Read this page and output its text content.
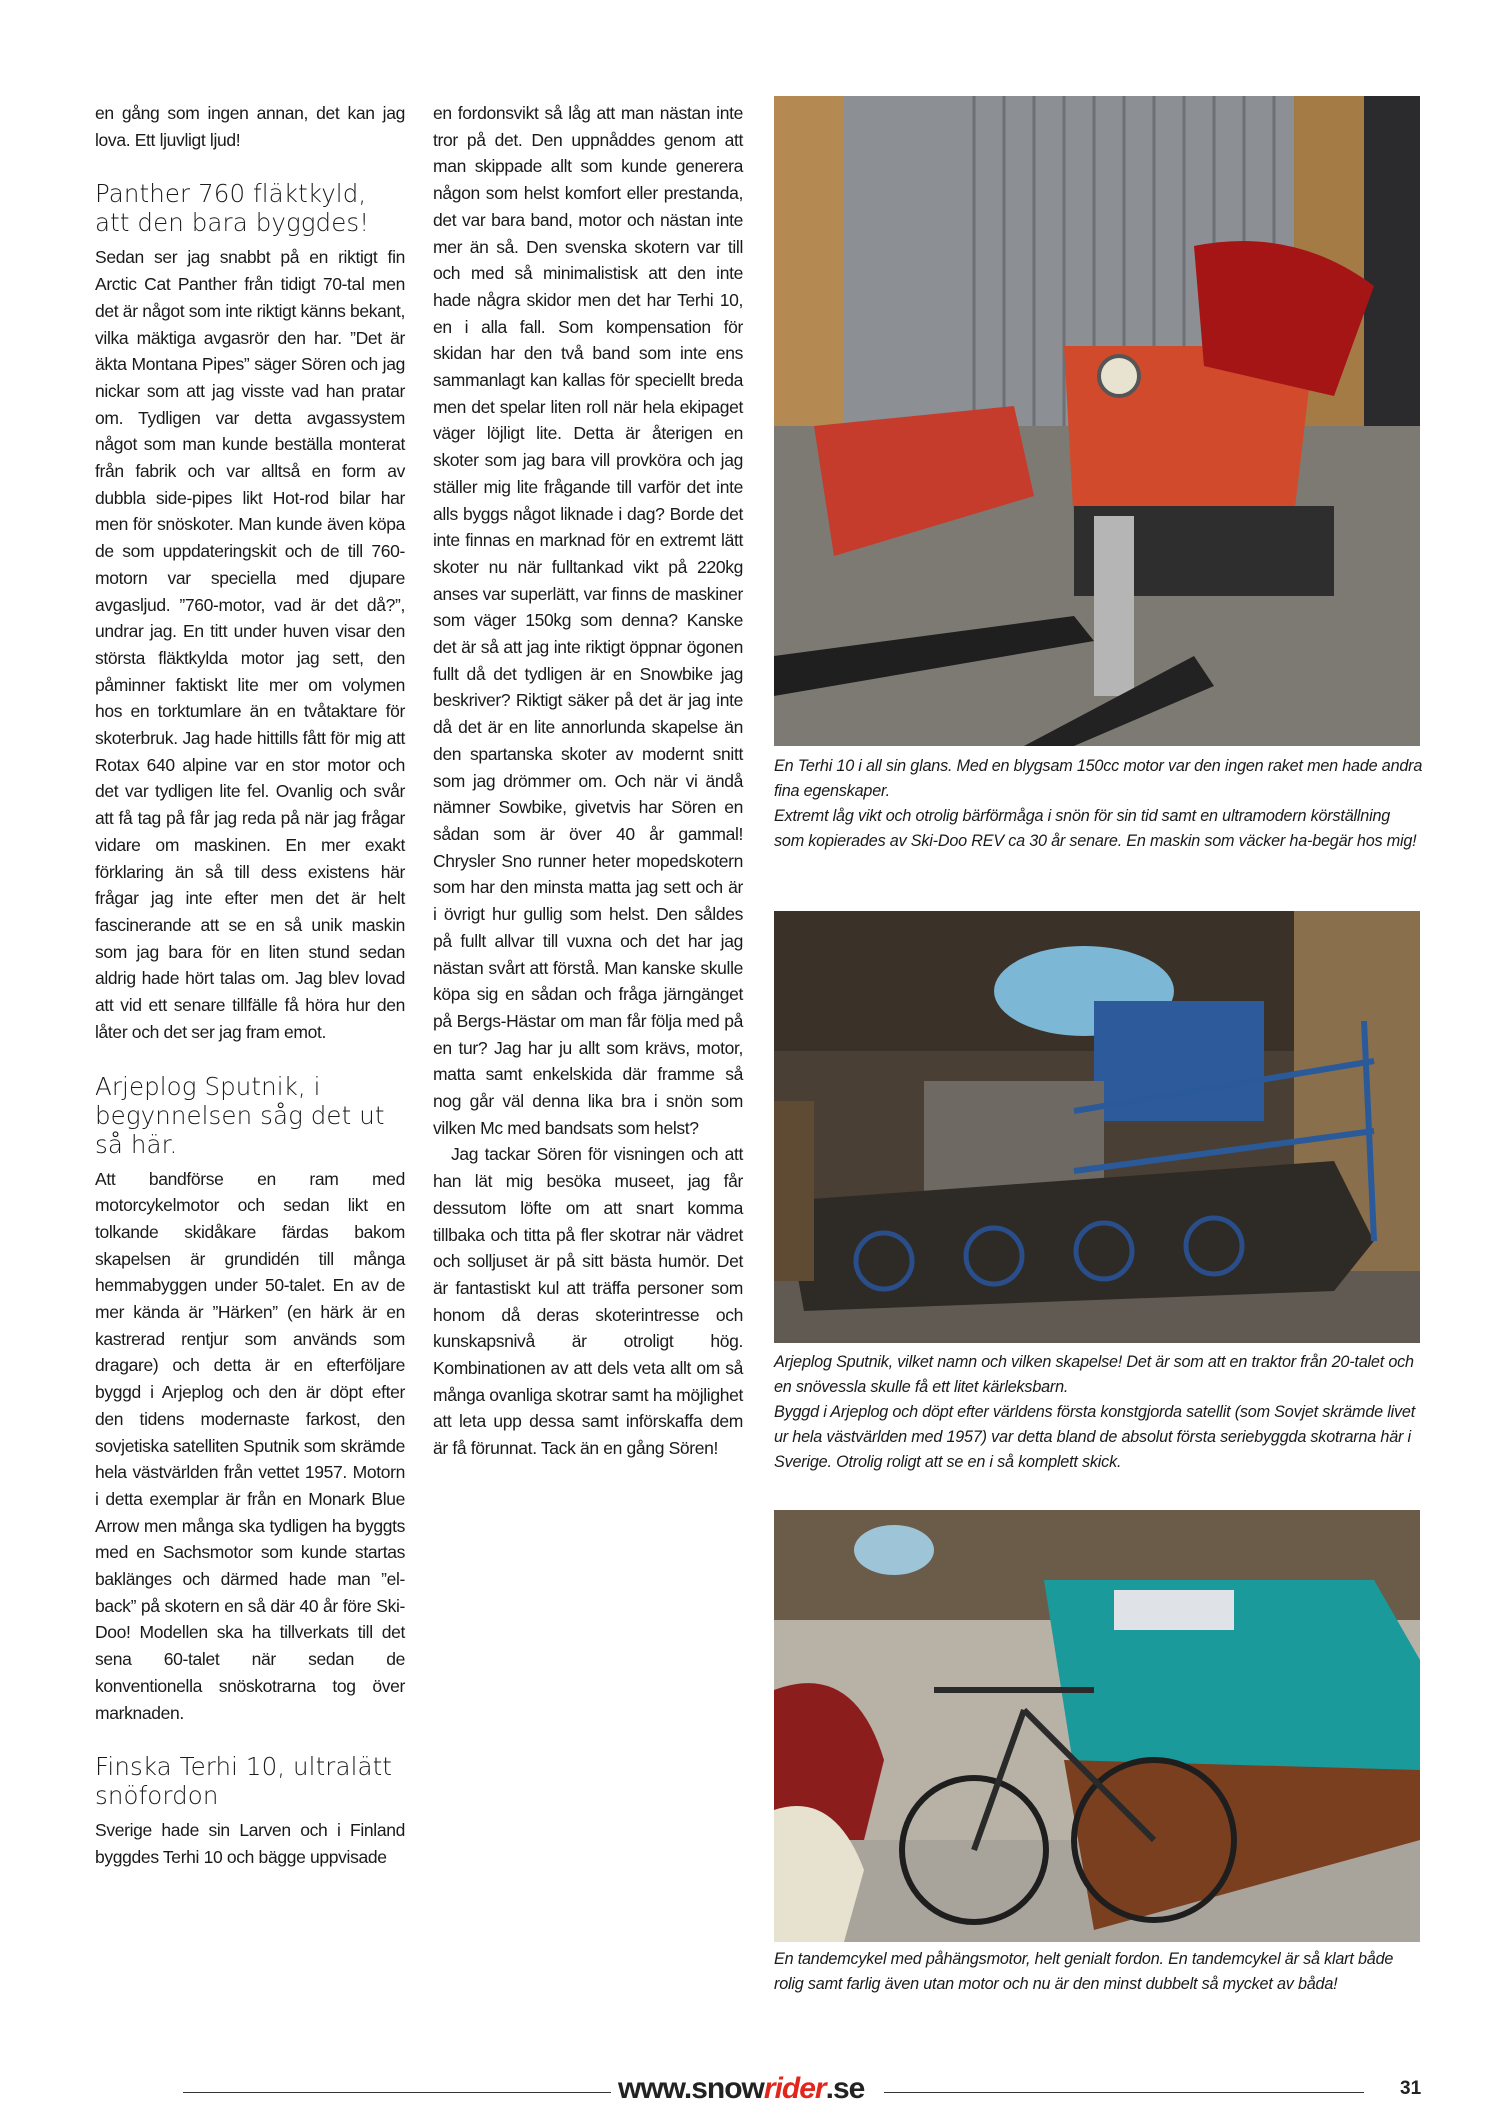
en gång som ingen annan, det kan jag lova. Ett ljuvligt ljud!

Panther 760 fläktkyld, att den bara byggdes!

Sedan ser jag snabbt på en riktigt fin Arctic Cat Panther från tidigt 70-tal men det är något som inte riktigt känns bekant, vilka mäktiga avgasrör den har. ”Det är äkta Montana Pipes” säger Sören och jag nickar som att jag visste vad han pratar om. Tydligen var detta avgassystem något som man kunde beställa monterat från fabrik och var alltså en form av dubbla side-pipes likt Hot-rod bilar har men för snöskoter. Man kunde även köpa de som uppdateringskit och de till 760-motorn var speciella med djupare avgasljud. ”760-motor, vad är det då?”, undrar jag. En titt under huven visar den största fläktkylda motor jag sett, den påminner faktiskt lite mer om volymen hos en torktumlare än en tvåtaktare för skoterbruk. Jag hade hittills fått för mig att Rotax 640 alpine var en stor motor och det var tydligen lite fel. Ovanlig och svår att få tag på får jag reda på när jag frågar vidare om maskinen. En mer exakt förklaring än så till dess existens här frågar jag inte efter men det är helt fascinerande att se en så unik maskin som jag bara för en liten stund sedan aldrig hade hört talas om. Jag blev lovad att vid ett senare tillfälle få höra hur den låter och det ser jag fram emot.

Arjeplog Sputnik, i begynnelsen såg det ut så här.

Att bandförse en ram med motorcykelmotor och sedan likt en tolkande skidåkare färdas bakom skapelsen är grundidén till många hemmabyggen under 50-talet. En av de mer kända är ”Härken” (en härk är en kastrerad rentjur som används som dragare) och detta är en efterföljare byggd i Arjeplog och den är döpt efter den tidens modernaste farkost, den sovjetiska satelliten Sputnik som skrämde hela västvärlden från vettet 1957. Motorn i detta exemplar är från en Monark Blue Arrow men många ska tydligen ha byggts med en Sachsmotor som kunde startas baklänges och därmed hade man ”el-back” på skotern en så där 40 år före Ski-Doo! Modellen ska ha tillverkats till det sena 60-talet när sedan de konventionella snöskotrarna tog över marknaden.

Finska Terhi 10, ultralätt snöfordon

Sverige hade sin Larven och i Finland byggdes Terhi 10 och bägge uppvisade

en fordonsvikt så låg att man nästan inte tror på det. Den uppnåddes genom att man skippade allt som kunde generera någon som helst komfort eller prestanda, det var bara band, motor och nästan inte mer än så. Den svenska skotern var till och med så minimalistisk att den inte hade några skidor men det har Terhi 10, en i alla fall. Som kompensation för skidan har den två band som inte ens sammanlagt kan kallas för speciellt breda men det spelar liten roll när hela ekipaget väger löjligt lite. Detta är återigen en skoter som jag bara vill provköra och jag ställer mig lite frågande till varför det inte alls byggs något liknade i dag? Borde det inte finnas en marknad för en extremt lätt skoter nu när fulltankad vikt på 220kg anses var superlätt, var finns de maskiner som väger 150kg som denna? Kanske det är så att jag inte riktigt öppnar ögonen fullt då det tydligen är en Snowbike jag beskriver? Riktigt säker på det är jag inte då det är en lite annorlunda skapelse än den spartanska skoter av modernt snitt som jag drömmer om. Och när vi ändå nämner Sowbike, givetvis har Sören en sådan som är över 40 år gammal! Chrysler Sno runner heter mopedskotern som har den minsta matta jag sett och är i övrigt hur gullig som helst. Den såldes på fullt allvar till vuxna och det har jag nästan svårt att förstå. Man kanske skulle köpa sig en sådan och fråga järngänget på Bergs-Hästar om man får följa med på en tur? Jag har ju allt som krävs, motor, matta samt enkelskida där framme så nog går väl denna lika bra i snön som vilken Mc med bandsats som helst?

Jag tackar Sören för visningen och att han lät mig besöka museet, jag får dessutom löfte om att snart komma tillbaka och titta på fler skotrar när vädret och solljuset är på sitt bästa humör. Det är fantastiskt kul att träffa personer som honom då deras skoterintresse och kunskapsnivå är otroligt hög. Kombinationen av att dels veta allt om så många ovanliga skotrar samt ha möjlighet att leta upp dessa samt införskaffa dem är få förunnat. Tack än en gång Sören!

En Terhi 10 i all sin glans. Med en blygsam 150cc motor var den ingen raket men hade andra fina egenskaper.

Extremt låg vikt och otrolig bärförmåga i snön för sin tid samt en ultramodern körställning som kopierades av Ski-Doo REV ca 30 år senare. En maskin som väcker ha-begär hos mig!

Arjeplog Sputnik, vilket namn och vilken skapelse! Det är som att en traktor från 20-talet och en snövessla skulle få ett litet kärleksbarn.

Byggd i Arjeplog och döpt efter världens första konstgjorda satellit (som Sovjet skrämde livet ur hela västvärlden med 1957) var detta bland de absolut första seriebyggda skotrarna här i Sverige. Otrolig roligt att se en i så komplett skick.

En tandemcykel med påhängsmotor, helt genialt fordon. En tandemcykel är så klart både rolig samt farlig även utan motor och nu är den minst dubbelt så mycket av båda!

www.snowrider.se	31
